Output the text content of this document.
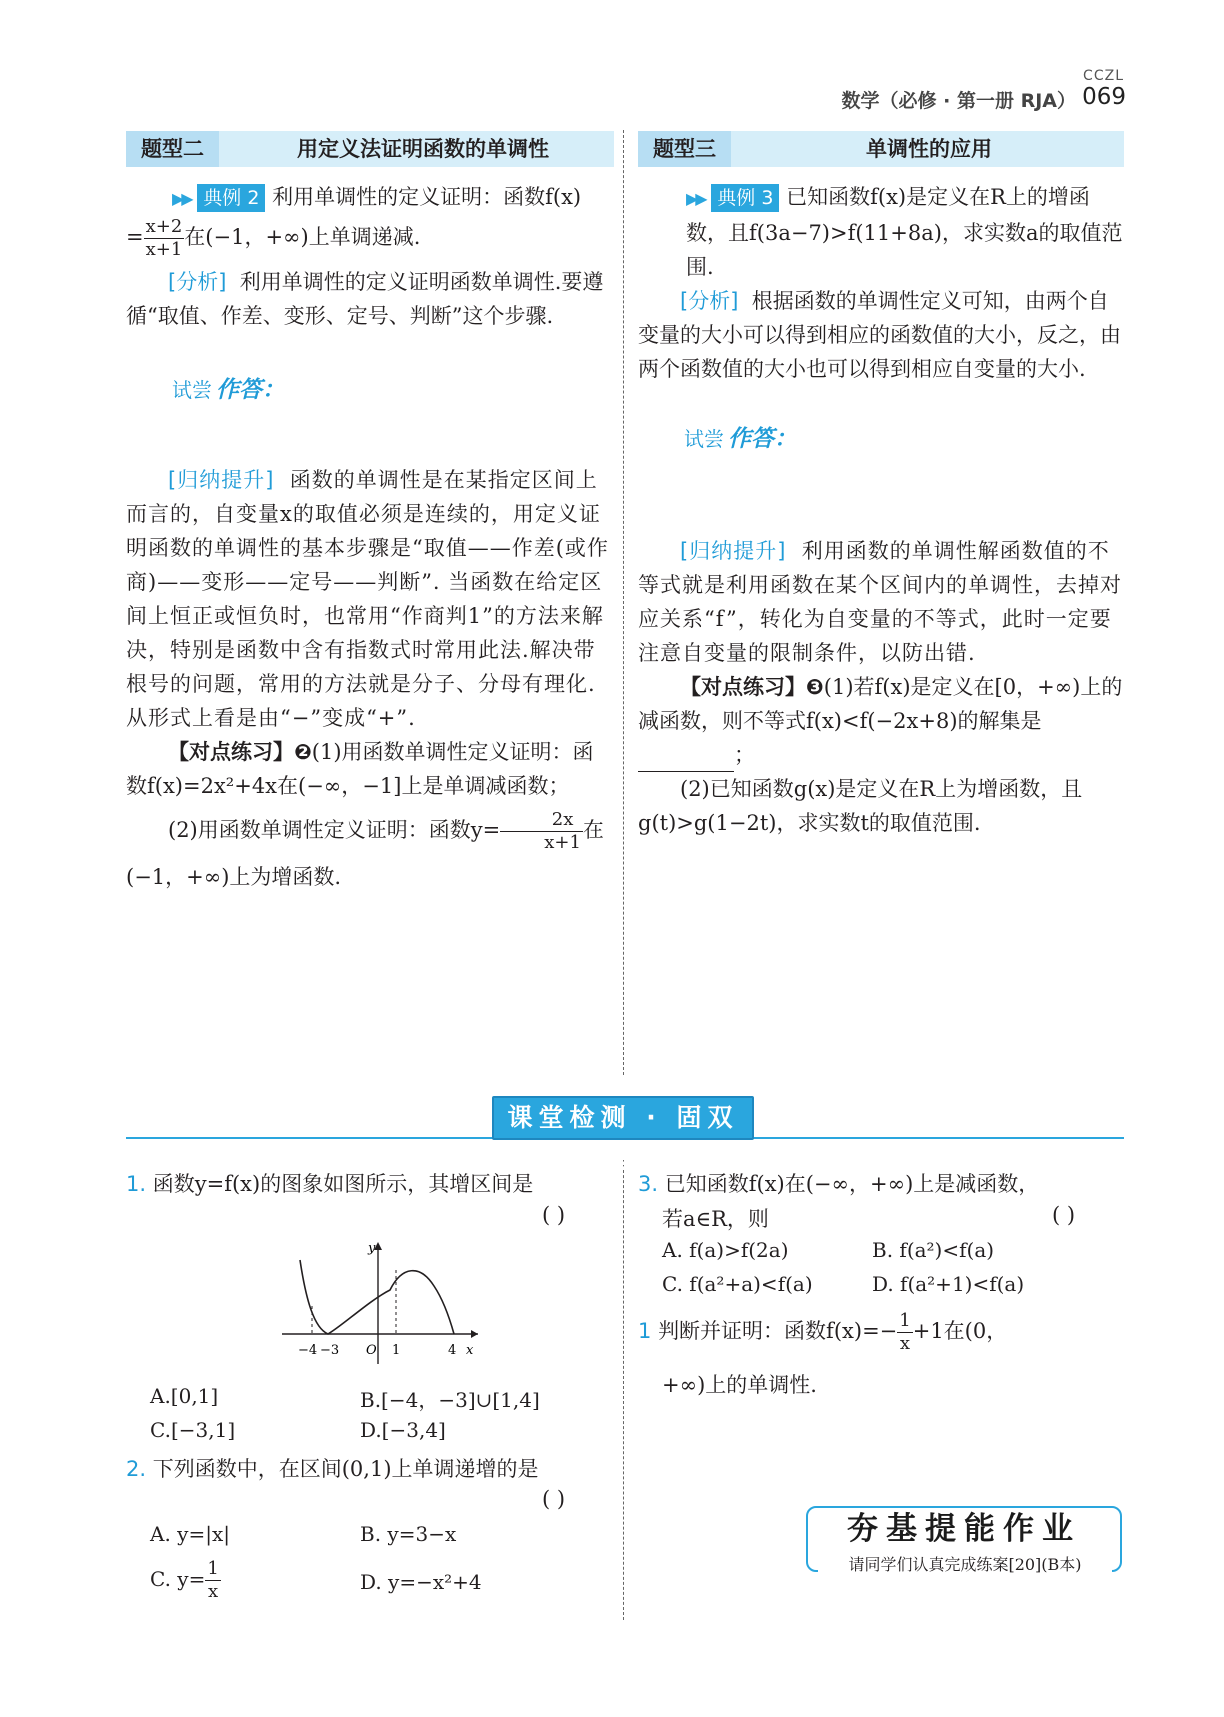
CCZL
数学（必修 · 第一册 RJA） 069
题型二	用定义法证明函数的单调性	题型三	单调性的应用

▶▶ 典例 2 利用单调性的定义证明：函数f(x)

= $\frac{x+2}{x+1}$ 在(−1，+∞)上单调递减.

[分析] 利用单调性的定义证明函数单调性.要遵循“取值、作差、变形、定号、判断”这个步骤.

试尝 作答：

[归纳提升] 函数的单调性是在某指定区间上而言的，自变量x的取值必须是连续的，用定义证明函数的单调性的基本步骤是“取值——作差(或作商)——变形——定号——判断”. 当函数在给定区间上恒正或恒负时，也常用“作商判1”的方法来解决，特别是函数中含有指数式时常用此法.解决带根号的问题，常用的方法就是分子、分母有理化.从形式上看是由“−”变成“+”.

【对点练习】❷(1)用函数单调性定义证明：函数f(x)=2x²+4x在(−∞，−1]上是单调减函数；

(2)用函数单调性定义证明：函数$y= \frac{2x}{x+1}$ 在

(−1，+∞)上为增函数.

▶▶ 典例 3 已知函数f(x)是定义在R上的增函数，且f(3a−7)>f(11+8a)，求实数a的取值范围.

[分析] 根据函数的单调性定义可知，由两个自变量的大小可以得到相应的函数值的大小，反之，由两个函数值的大小也可以得到相应自变量的大小.

试尝 作答：

[归纳提升] 利用函数的单调性解函数值的不等式就是利用函数在某个区间内的单调性，去掉对应关系“f”，转化为自变量的不等式，此时一定要注意自变量的限制条件，以防出错.

【对点练习】❸(1)若f(x)是定义在[0，+∞)上的减函数，则不等式f(x)<f(−2x+8)的解集是；

(2)已知函数g(x)是定义在R上为增函数，且g(t)>g(1−2t)，求实数t的取值范围.

课堂检测 · 固双基
1. 函数y=f(x)的图象如图所示，其增区间是
( )
y
x
O
−4 −3	1	4
A.[0,1]	B.[−4，−3]∪[1,4]
C.[−3,1]	D.[−3,4]
2. 下列函数中，在区间(0,1)上单调递增的是
( )
A. y=|x|	B. y=3−x
C. $y= \frac{1}{x}$	D. y=−x²+4
3. 已知函数f(x)在(−∞，+∞)上是减函数，
若a∈R，则	( )
A. f(a)>f(2a)	B. f(a²)<f(a)
C. f(a²+a)<f(a)	D. f(a²+1)<f(a)
1 判断并证明：函数$f(x)=- \frac{1}{x} +1$在(0，
+∞)上的单调性.
夯基提能作业
请同学们认真完成练案[20](B本)
